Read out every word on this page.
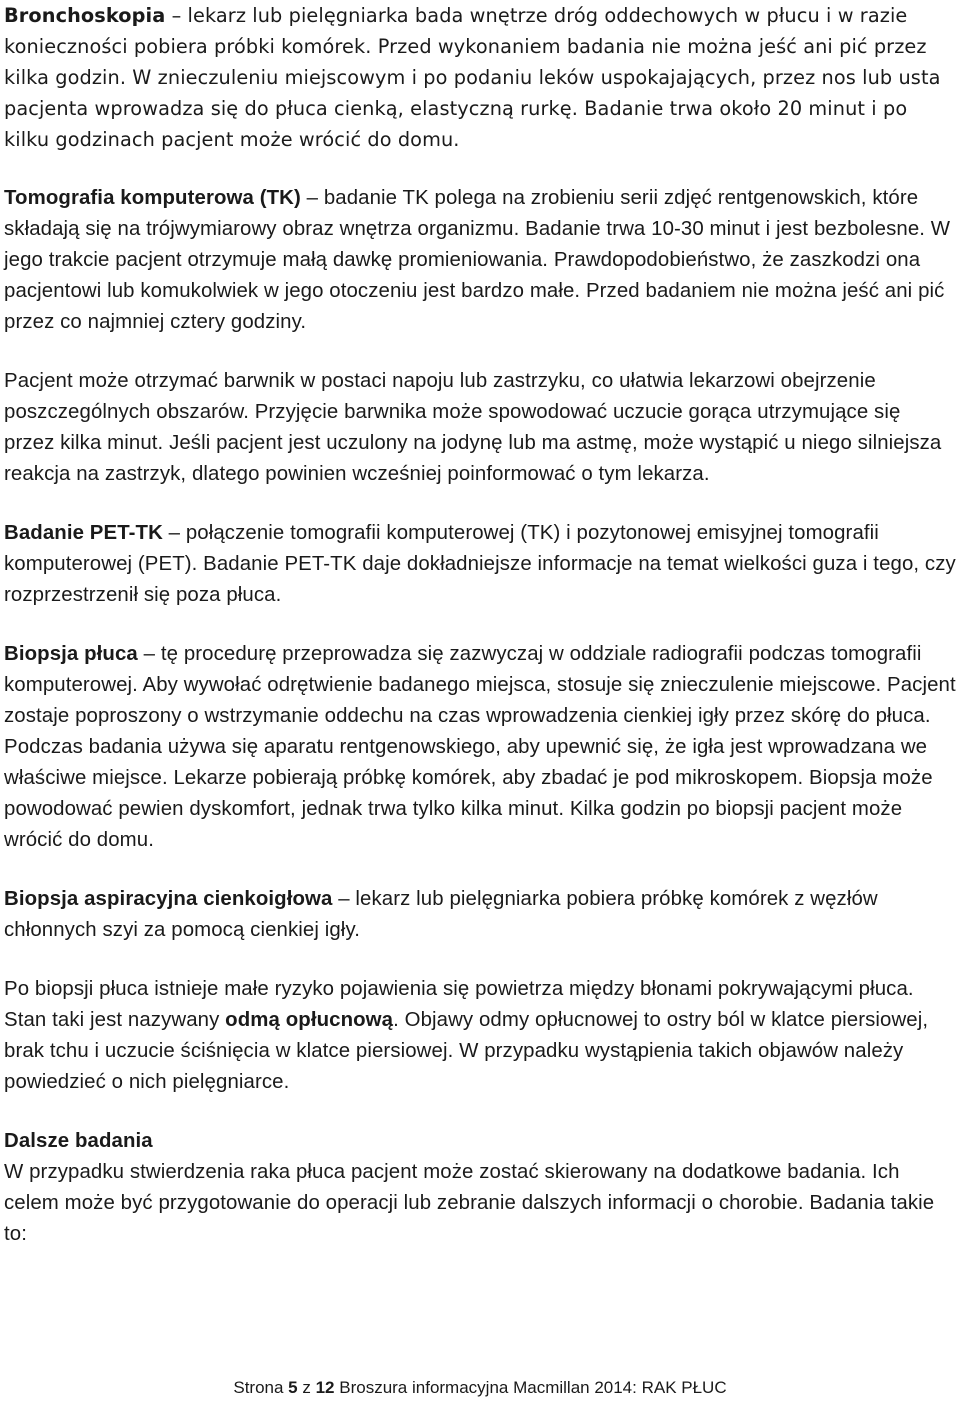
Bronchoskopia – lekarz lub pielęgniarka bada wnętrze dróg oddechowych w płucu i w razie konieczności pobiera próbki komórek. Przed wykonaniem badania nie można jeść ani pić przez kilka godzin. W znieczuleniu miejscowym i po podaniu leków uspokajających, przez nos lub usta pacjenta wprowadza się do płuca cienką, elastyczną rurkę. Badanie trwa około 20 minut i po kilku godzinach pacjent może wrócić do domu.

Tomografia komputerowa (TK) – badanie TK polega na zrobieniu serii zdjęć rentgenowskich, które składają się na trójwymiarowy obraz wnętrza organizmu. Badanie trwa 10-30 minut i jest bezbolesne. W jego trakcie pacjent otrzymuje małą dawkę promieniowania. Prawdopodobieństwo, że zaszkodzi ona pacjentowi lub komukolwiek w jego otoczeniu jest bardzo małe. Przed badaniem nie można jeść ani pić przez co najmniej cztery godziny.

Pacjent może otrzymać barwnik w postaci napoju lub zastrzyku, co ułatwia lekarzowi obejrzenie poszczególnych obszarów. Przyjęcie barwnika może spowodować uczucie gorąca utrzymujące się przez kilka minut. Jeśli pacjent jest uczulony na jodynę lub ma astmę, może wystąpić u niego silniejsza reakcja na zastrzyk, dlatego powinien wcześniej poinformować o tym lekarza.

Badanie PET-TK – połączenie tomografii komputerowej (TK) i pozytonowej emisyjnej tomografii komputerowej (PET). Badanie PET-TK daje dokładniejsze informacje na temat wielkości guza i tego, czy rozprzestrzenił się poza płuca.

Biopsja płuca – tę procedurę przeprowadza się zazwyczaj w oddziale radiografii podczas tomografii komputerowej. Aby wywołać odrętwienie badanego miejsca, stosuje się znieczulenie miejscowe. Pacjent zostaje poproszony o wstrzymanie oddechu na czas wprowadzenia cienkiej igły przez skórę do płuca. Podczas badania używa się aparatu rentgenowskiego, aby upewnić się, że igła jest wprowadzana we właściwe miejsce. Lekarze pobierają próbkę komórek, aby zbadać je pod mikroskopem. Biopsja może powodować pewien dyskomfort, jednak trwa tylko kilka minut. Kilka godzin po biopsji pacjent może wrócić do domu.

Biopsja aspiracyjna cienkoigłowa – lekarz lub pielęgniarka pobiera próbkę komórek z węzłów chłonnych szyi za pomocą cienkiej igły.

Po biopsji płuca istnieje małe ryzyko pojawienia się powietrza między błonami pokrywającymi płuca. Stan taki jest nazywany odmą opłucnową. Objawy odmy opłucnowej to ostry ból w klatce piersiowej, brak tchu i uczucie ściśnięcia w klatce piersiowej. W przypadku wystąpienia takich objawów należy powiedzieć o nich pielęgniarce.

Dalsze badania

W przypadku stwierdzenia raka płuca pacjent może zostać skierowany na dodatkowe badania. Ich celem może być przygotowanie do operacji lub zebranie dalszych informacji o chorobie. Badania takie to:

Strona 5 z 12 Broszura informacyjna Macmillan 2014: RAK PŁUC
